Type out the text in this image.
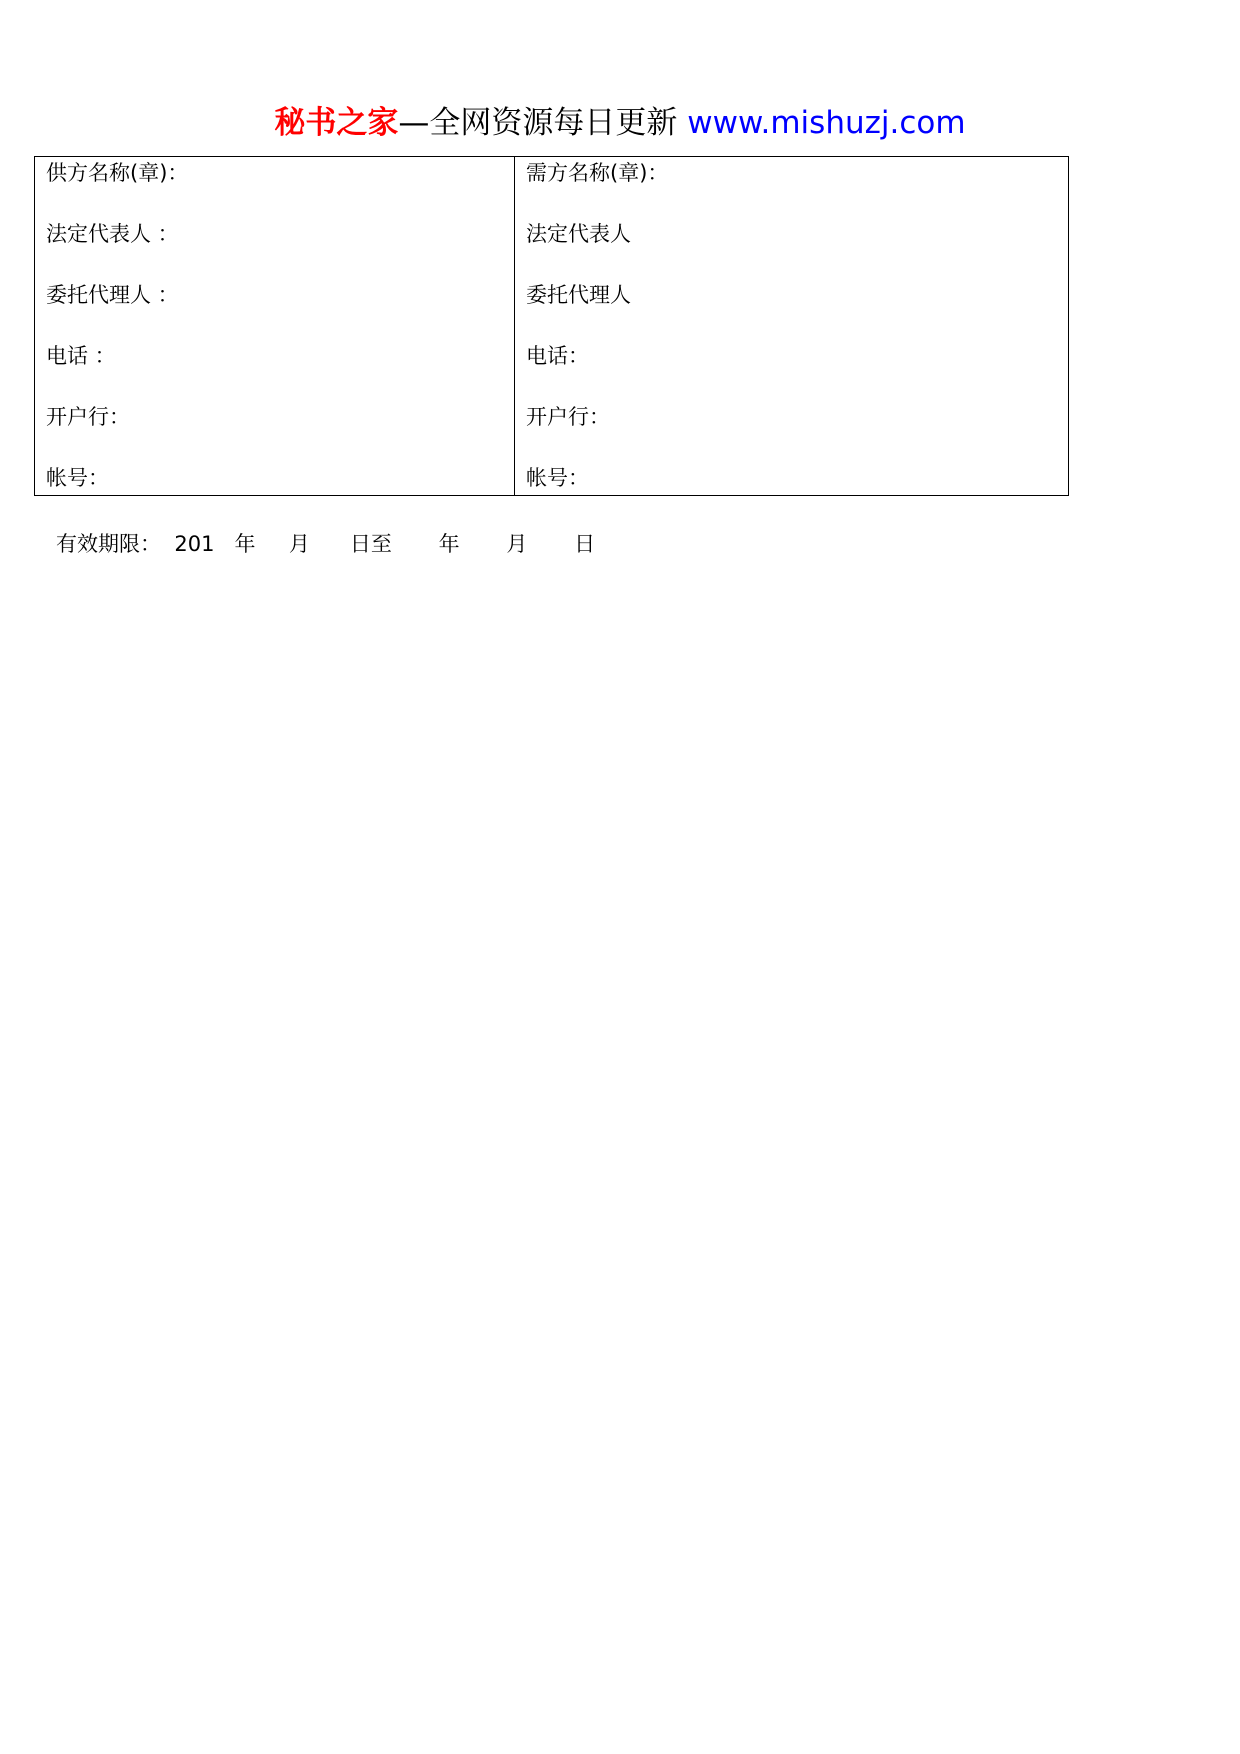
秘书之家—全网资源每日更新 www.mishuzj.com
供方名称(章)：
法定代表人 ：
委托代理人 ：
电话 ：
开户行：
帐号：
需方名称(章)：
法定代表人
委托代理人
电话：
开户行：
帐号：
有效期限：  201   年     月      日至       年       月       日
